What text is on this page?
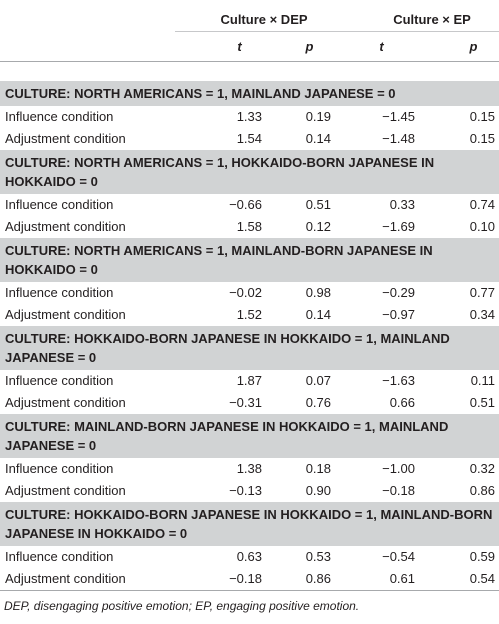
	Culture × DEP		Culture × EP	
	t	p	t	p

CULTURE: NORTH AMERICANS = 1, MAINLAND JAPANESE = 0				
Influence condition	1.33	0.19	−1.45	0.15
Adjustment condition	1.54	0.14	−1.48	0.15
CULTURE: NORTH AMERICANS = 1, HOKKAIDO-BORN JAPANESE IN HOKKAIDO = 0				
Influence condition	−0.66	0.51	0.33	0.74
Adjustment condition	1.58	0.12	−1.69	0.10
CULTURE: NORTH AMERICANS = 1, MAINLAND-BORN JAPANESE IN HOKKAIDO = 0				
Influence condition	−0.02	0.98	−0.29	0.77
Adjustment condition	1.52	0.14	−0.97	0.34
CULTURE: HOKKAIDO-BORN JAPANESE IN HOKKAIDO = 1, MAINLAND JAPANESE = 0				
Influence condition	1.87	0.07	−1.63	0.11
Adjustment condition	−0.31	0.76	0.66	0.51
CULTURE: MAINLAND-BORN JAPANESE IN HOKKAIDO = 1, MAINLAND JAPANESE = 0				
Influence condition	1.38	0.18	−1.00	0.32
Adjustment condition	−0.13	0.90	−0.18	0.86
CULTURE: HOKKAIDO-BORN JAPANESE IN HOKKAIDO = 1, MAINLAND-BORN JAPANESE IN HOKKAIDO = 0				
Influence condition	0.63	0.53	−0.54	0.59
Adjustment condition	−0.18	0.86	0.61	0.54
DEP, disengaging positive emotion; EP, engaging positive emotion.
